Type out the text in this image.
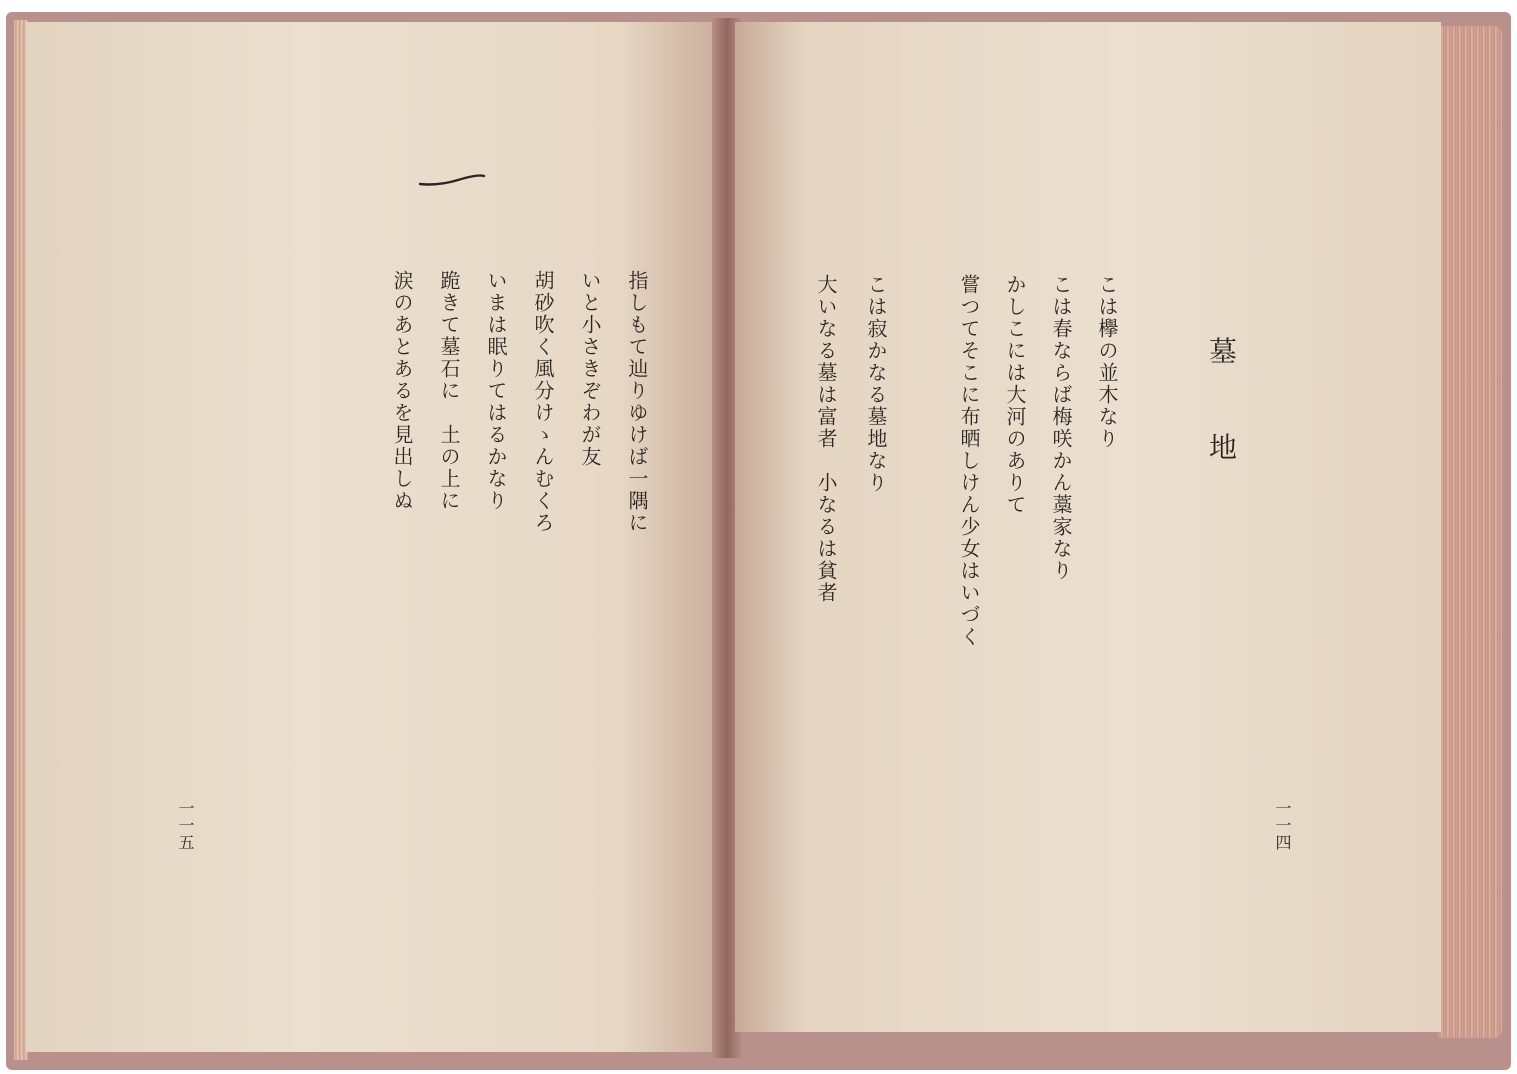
指しもて辿りゆけば一隅に
いと小さきぞわが友
胡砂吹く風分けゝんむくろ
いまは眠りてはるかなり
跪きて墓石に　土の上に
涙のあとあるを見出しぬ
一一五
墓
地
こは欅の並木なり
こは春ならば梅咲かん藁家なり
かしこには大河のありて
嘗つてそこに布晒しけん少女はいづく
こは寂かなる墓地なり
大いなる墓は富者　小なるは貧者
一一四
